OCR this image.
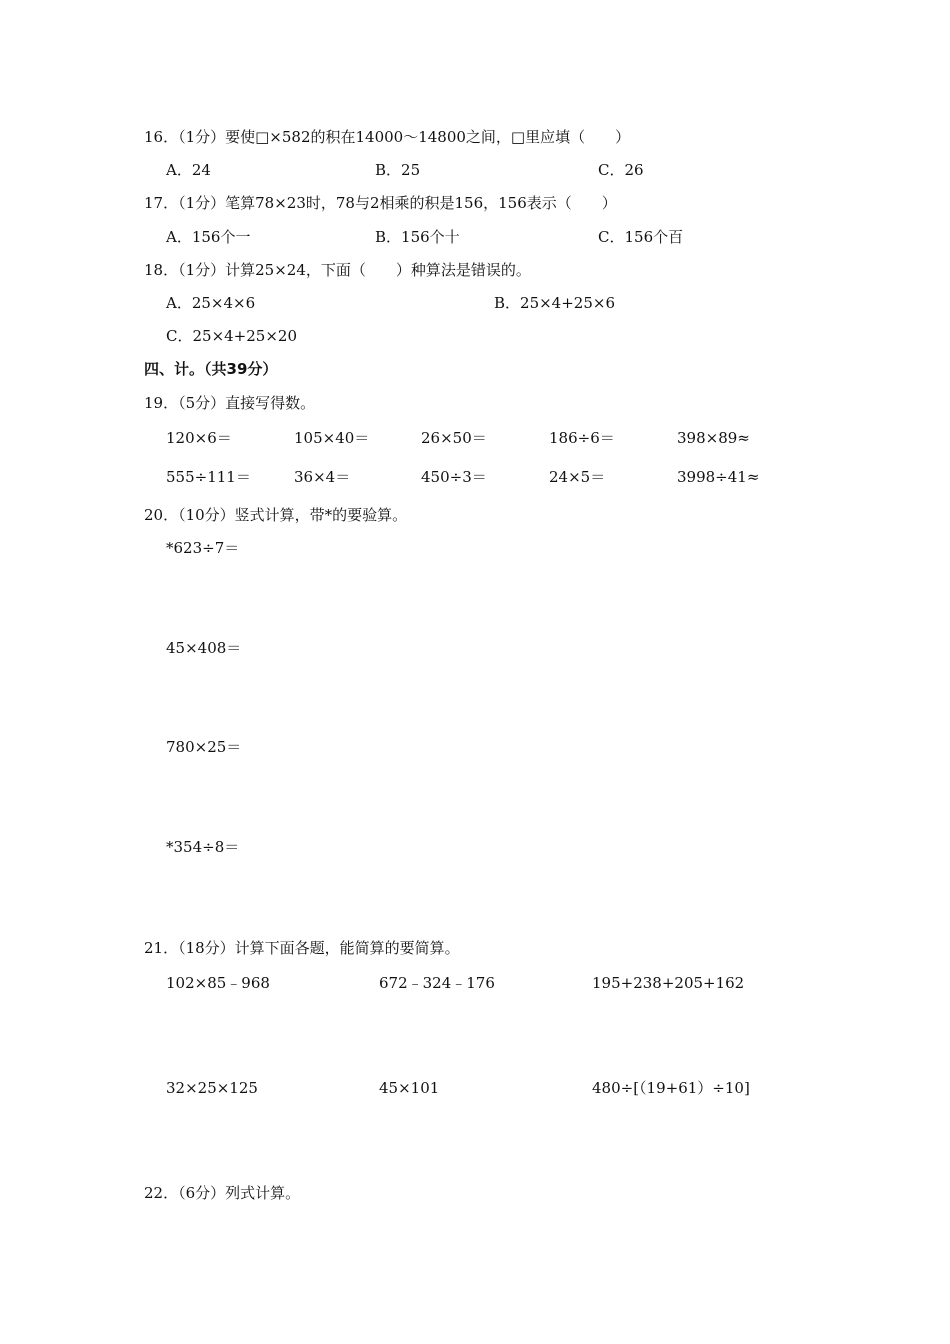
16．（1分）要使□×582的积在14000～14800之间，□里应填（　　）
A．24	B．25	C．26
17．（1分）笔算78×23时，78与2相乘的积是156，156表示（　　）
A．156个一	B．156个十	C．156个百
18．（1分）计算25×24，下面（　　）种算法是错误的。
A．25×4×6	B．25×4+25×6
C．25×4+25×20
四、计。（共39分）
19．（5分）直接写得数。
120×6＝	105×40＝	26×50＝	186÷6＝	398×89≈
555÷111＝	36×4＝	450÷3＝	24×5＝	3998÷41≈
20．（10分）竖式计算，带*的要验算。
*623÷7＝
45×408＝
780×25＝
*354÷8＝
21．（18分）计算下面各题，能简算的要简算。
102×85﹣968	672﹣324﹣176	195+238+205+162
32×25×125	45×101	480÷[（19+61）÷10]
22．（6分）列式计算。
